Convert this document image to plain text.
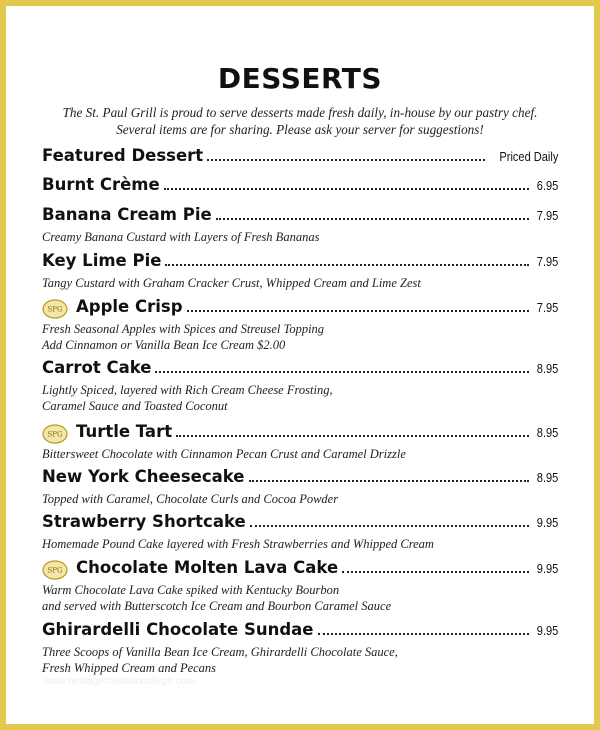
DESSERTS
The St. Paul Grill is proud to serve desserts made fresh daily, in-house by our pastry chef.
Several items are for sharing. Please ask your server for suggestions!
Featured Dessert	Priced Daily
Burnt Crème	6.95
Banana Cream Pie	7.95
Creamy Banana Custard with Layers of Fresh Bananas
Key Lime Pie	7.95
Tangy Custard with Graham Cracker Crust, Whipped Cream and Lime Zest
SPG Apple Crisp	7.95
Fresh Seasonal Apples with Spices and Streusel Topping
Add Cinnamon or Vanilla Bean Ice Cream $2.00
Carrot Cake	8.95
Lightly Spiced, layered with Rich Cream Cheese Frosting,
Caramel Sauce and Toasted Coconut
SPG Turtle Tart	8.95
Bittersweet Chocolate with Cinnamon Pecan Crust and Caramel Drizzle
New York Cheesecake	8.95
Topped with Caramel, Chocolate Curls and Cocoa Powder
Strawberry Shortcake	9.95
Homemade Pound Cake layered with Fresh Strawberries and Whipped Cream
SPG Chocolate Molten Lava Cake	9.95
Warm Chocolate Lava Cake spiked with Kentucky Bourbon
and served with Butterscotch Ice Cream and Bourbon Caramel Sauce
Ghirardelli Chocolate Sundae	9.95
Three Scoops of Vanilla Bean Ice Cream, Ghirardelli Chocolate Sauce,
Fresh Whipped Cream and Pecans
www.heritagechristiancollege.com
